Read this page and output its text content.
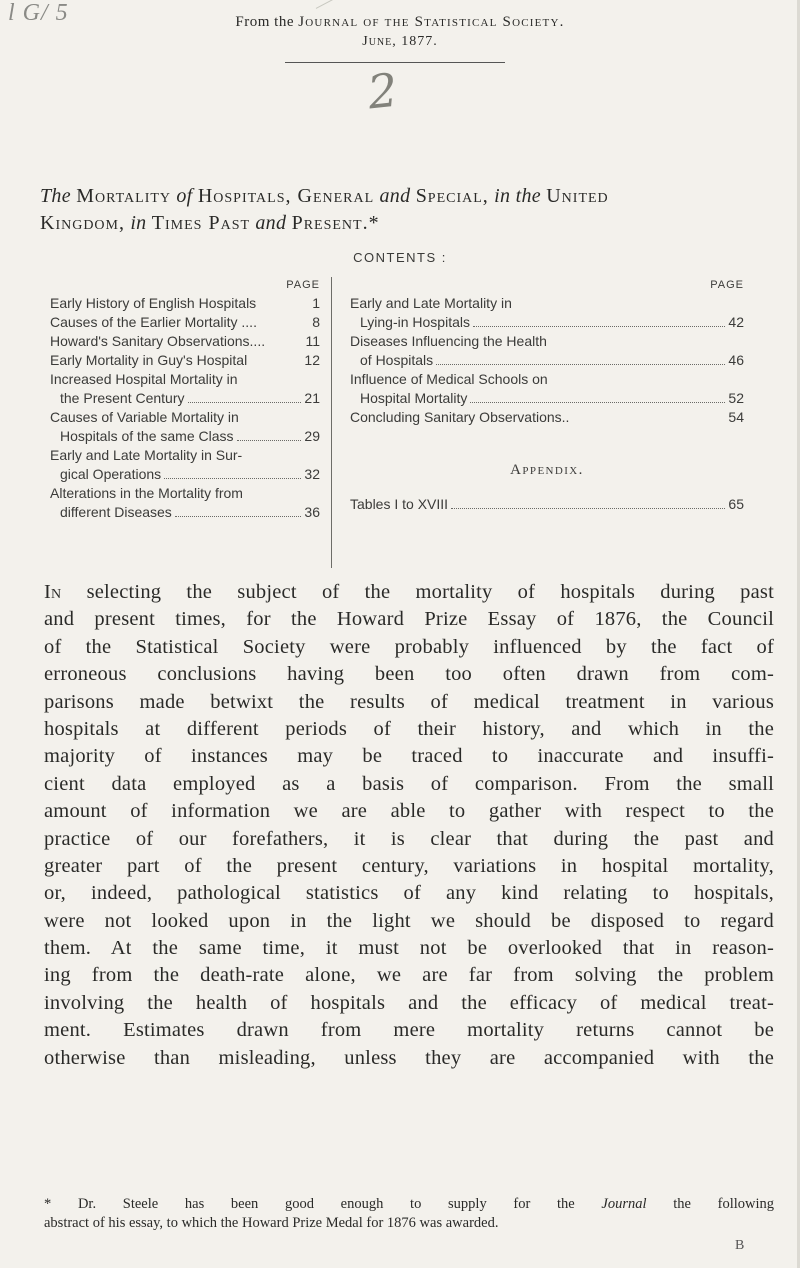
l G/ 5	From the Journal of the Statistical Society.
June, 1877.
2
The Mortality of Hospitals, General and Special, in the United
Kingdom, in Times Past and Present.*
CONTENTS :
PAGE
Early History of English Hospitals	1
Causes of the Earlier Mortality ....	8
Howard's Sanitary Observations....	11
Early Mortality in Guy's Hospital	12
Increased Hospital Mortality in
the Present Century	21
Causes of Variable Mortality in
Hospitals of the same Class	29
Early and Late Mortality in Sur-
gical Operations	32
Alterations in the Mortality from
different Diseases	36
PAGE
Early and Late Mortality in
Lying-in Hospitals	42
Diseases Influencing the Health
of Hospitals	46
Influence of Medical Schools on
Hospital Mortality	52
Concluding Sanitary Observations..	54
Appendix.
Tables I to XVIII	65
In selecting the subject of the mortality of hospitals during past
and present times, for the Howard Prize Essay of 1876, the Council
of the Statistical Society were probably influenced by the fact of
erroneous conclusions having been too often drawn from com-
parisons made betwixt the results of medical treatment in various
hospitals at different periods of their history, and which in the
majority of instances may be traced to inaccurate and insuffi-
cient data employed as a basis of comparison. From the small
amount of information we are able to gather with respect to the
practice of our forefathers, it is clear that during the past and
greater part of the present century, variations in hospital mortality,
or, indeed, pathological statistics of any kind relating to hospitals,
were not looked upon in the light we should be disposed to regard
them. At the same time, it must not be overlooked that in reason-
ing from the death-rate alone, we are far from solving the problem
involving the health of hospitals and the efficacy of medical treat-
ment. Estimates drawn from mere mortality returns cannot be
otherwise than misleading, unless they are accompanied with the
* Dr. Steele has been good enough to supply for the Journal the following
abstract of his essay, to which the Howard Prize Medal for 1876 was awarded.
B
